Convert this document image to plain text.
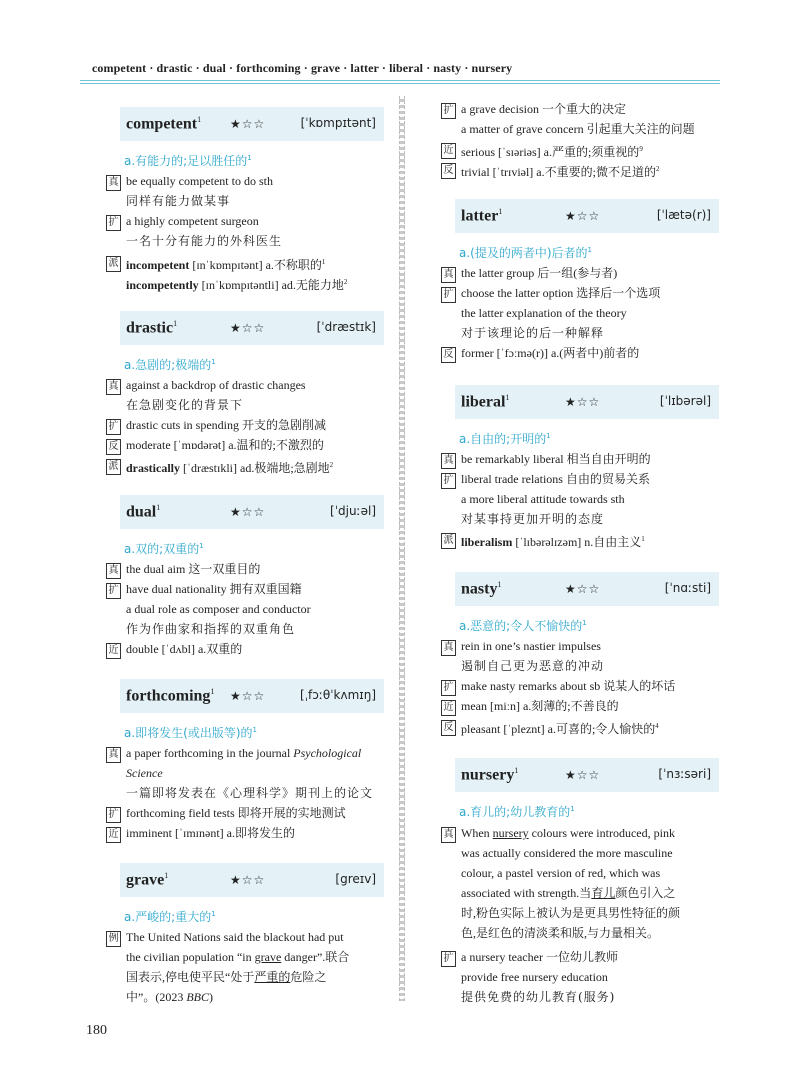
competent · drastic · dual · forthcoming · grave · latter · liberal · nasty · nursery
competent$^1$ ★☆☆	[ˈkɒmpɪtənt]
a.有能力的;足以胜任的$^1$
真 be equally competent to do sth
同样有能力做某事
扩 a highly competent surgeon
一名十分有能力的外科医生
派 incompetent [ɪnˈkɒmpɪtənt] a.不称职的$^1$
incompetently [ɪnˈkɒmpɪtəntli] ad.无能力地$^2$
drastic$^1$	★☆☆	[ˈdræstɪk]
a.急剧的;极端的$^1$
真 against a backdrop of drastic changes
在急剧变化的背景下
扩 drastic cuts in spending 开支的急剧削减
反 moderate [ˈmɒdərət] a.温和的;不激烈的
派 drastically [ˈdræstɪkli] ad.极端地;急剧地$^2$
dual$^1$	★☆☆	[ˈdjuːəl]
a.双的;双重的$^1$
真 the dual aim 这一双重目的
扩 have dual nationality 拥有双重国籍
a dual role as composer and conductor
作为作曲家和指挥的双重角色
近 double [ˈdʌbl] a.双重的
forthcoming$^1$ ★☆☆	[ˌfɔːθˈkʌmɪŋ]
a.即将发生(或出版等)的$^1$
真 a paper forthcoming in the journal Psychological
Science
一篇即将发表在《心理科学》期刊上的论文
扩 forthcoming field tests 即将开展的实地测试
近 imminent [ˈɪmɪnənt] a.即将发生的
grave$^1$	★☆☆	[greɪv]
a.严峻的;重大的$^1$
例 The United Nations said the blackout had put
the civilian population “in grave danger”.联合
国表示,停电使平民“处于严重的危险之
中”。(2023 BBC)
扩 a grave decision 一个重大的决定
a matter of grave concern 引起重大关注的问题
近 serious [ˈsɪəriəs] a.严重的;须重视的$^9$
反 trivial [ˈtrɪviəl] a.不重要的;微不足道的$^2$
latter$^1$	★☆☆	[ˈlætə(r)]
a.(提及的两者中)后者的$^1$
真 the latter group 后一组(参与者)
扩 choose the latter option 选择后一个选项
the latter explanation of the theory
对于该理论的后一种解释
反 former [ˈfɔːmə(r)] a.(两者中)前者的
liberal$^1$	★☆☆	[ˈlɪbərəl]
a.自由的;开明的$^1$
真 be remarkably liberal 相当自由开明的
扩 liberal trade relations 自由的贸易关系
a more liberal attitude towards sth
对某事持更加开明的态度
派 liberalism [ˈlɪbərəlɪzəm] n.自由主义$^1$
nasty$^1$	★☆☆	[ˈnɑːsti]
a.恶意的;令人不愉快的$^1$
真 rein in one’s nastier impulses
遏制自己更为恶意的冲动
扩 make nasty remarks about sb 说某人的坏话
近 mean [miːn] a.刻薄的;不善良的
反 pleasant [ˈpleznt] a.可喜的;令人愉快的$^4$
nursery$^1$	★☆☆	[ˈnɜːsəri]
a.育儿的;幼儿教育的$^1$
真 When nursery colours were introduced, pink
was actually considered the more masculine
colour, a pastel version of red, which was
associated with strength.当育儿颜色引入之
时,粉色实际上被认为是更具男性特征的颜
色,是红色的清淡柔和版,与力量相关。
扩 a nursery teacher 一位幼儿教师
provide free nursery education
提供免费的幼儿教育(服务)
180
